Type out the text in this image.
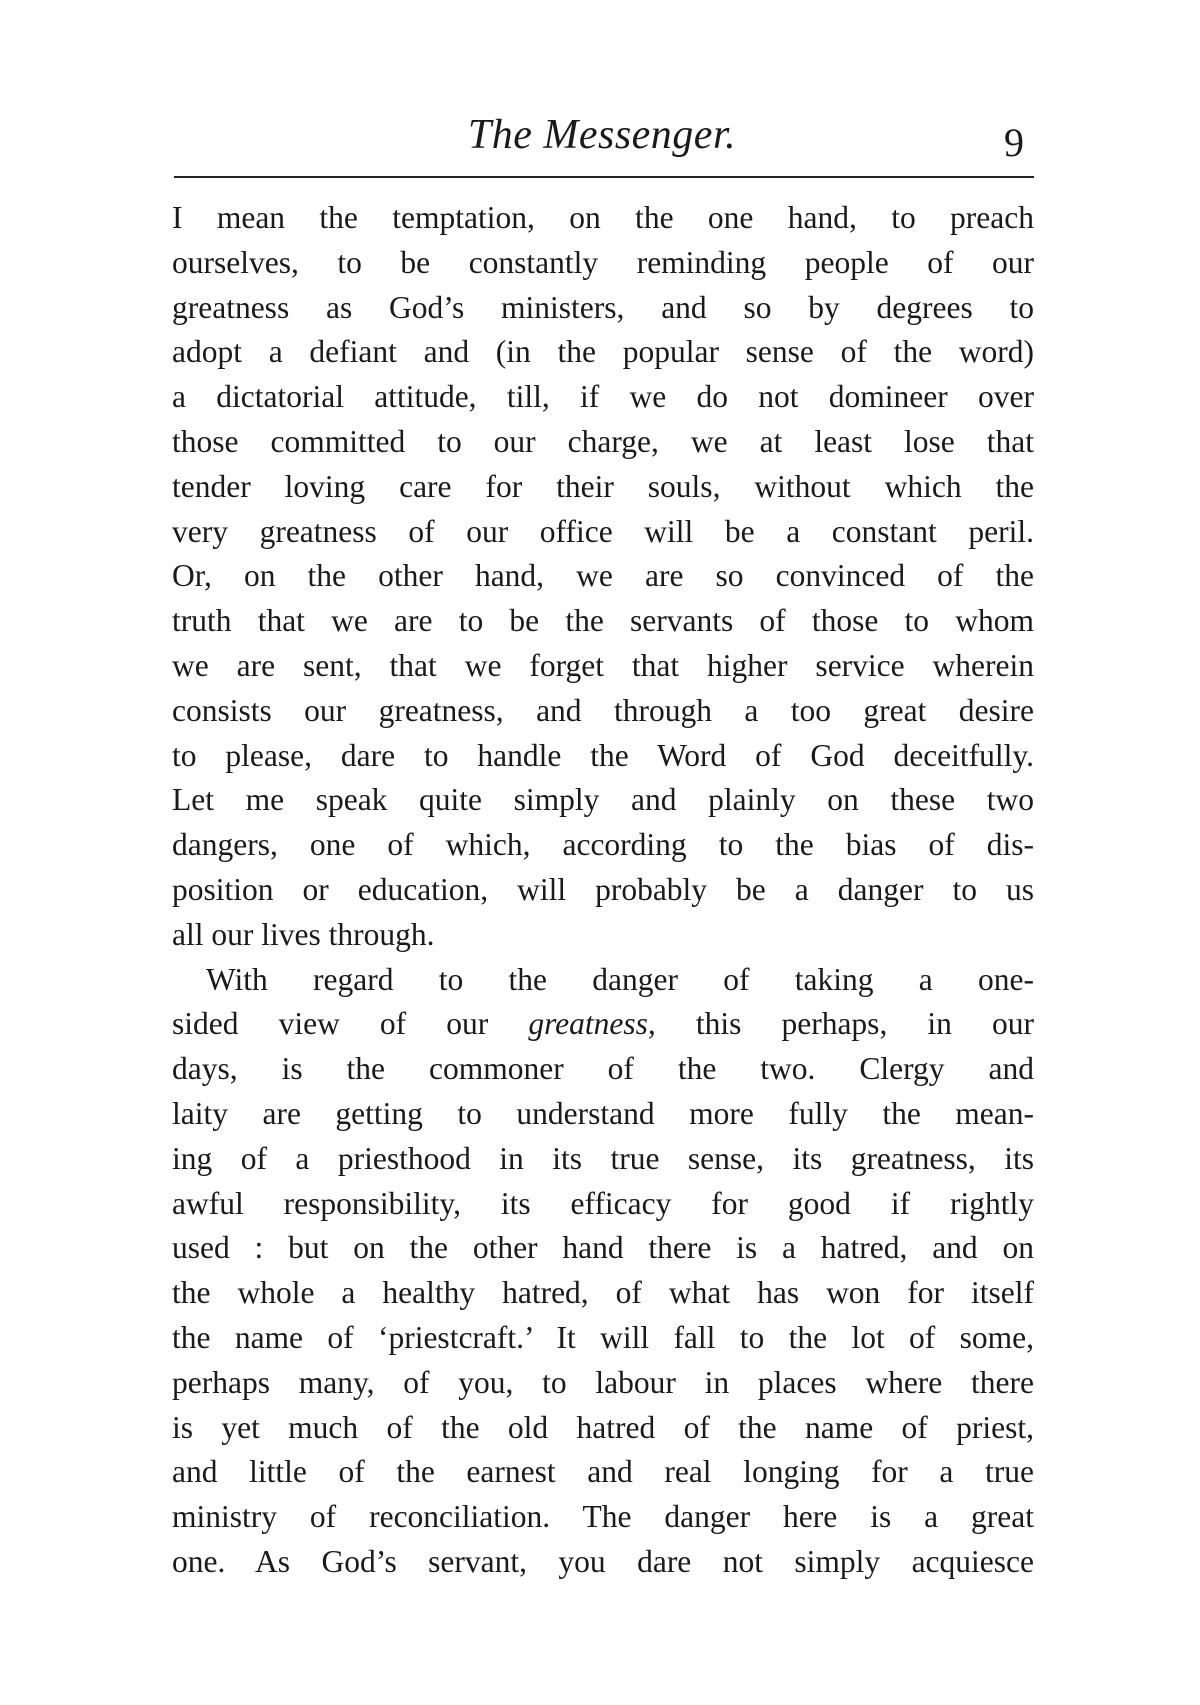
The Messenger.	9
I mean the temptation, on the one hand, to preach
ourselves, to be constantly reminding people of our
greatness as God’s ministers, and so by degrees to
adopt a defiant and (in the popular sense of the word)
a dictatorial attitude, till, if we do not domineer over
those committed to our charge, we at least lose that
tender loving care for their souls, without which the
very greatness of our office will be a constant peril.
Or, on the other hand, we are so convinced of the
truth that we are to be the servants of those to whom
we are sent, that we forget that higher service wherein
consists our greatness, and through a too great desire
to please, dare to handle the Word of God deceitfully.
Let me speak quite simply and plainly on these two
dangers, one of which, according to the bias of dis-
position or education, will probably be a danger to us
all our lives through.
With regard to the danger of taking a one-
sided view of our greatness, this perhaps, in our
days, is the commoner of the two. Clergy and
laity are getting to understand more fully the mean-
ing of a priesthood in its true sense, its greatness, its
awful responsibility, its efficacy for good if rightly
used : but on the other hand there is a hatred, and on
the whole a healthy hatred, of what has won for itself
the name of ‘priestcraft.’ It will fall to the lot of some,
perhaps many, of you, to labour in places where there
is yet much of the old hatred of the name of priest,
and little of the earnest and real longing for a true
ministry of reconciliation. The danger here is a great
one. As God’s servant, you dare not simply acquiesce
